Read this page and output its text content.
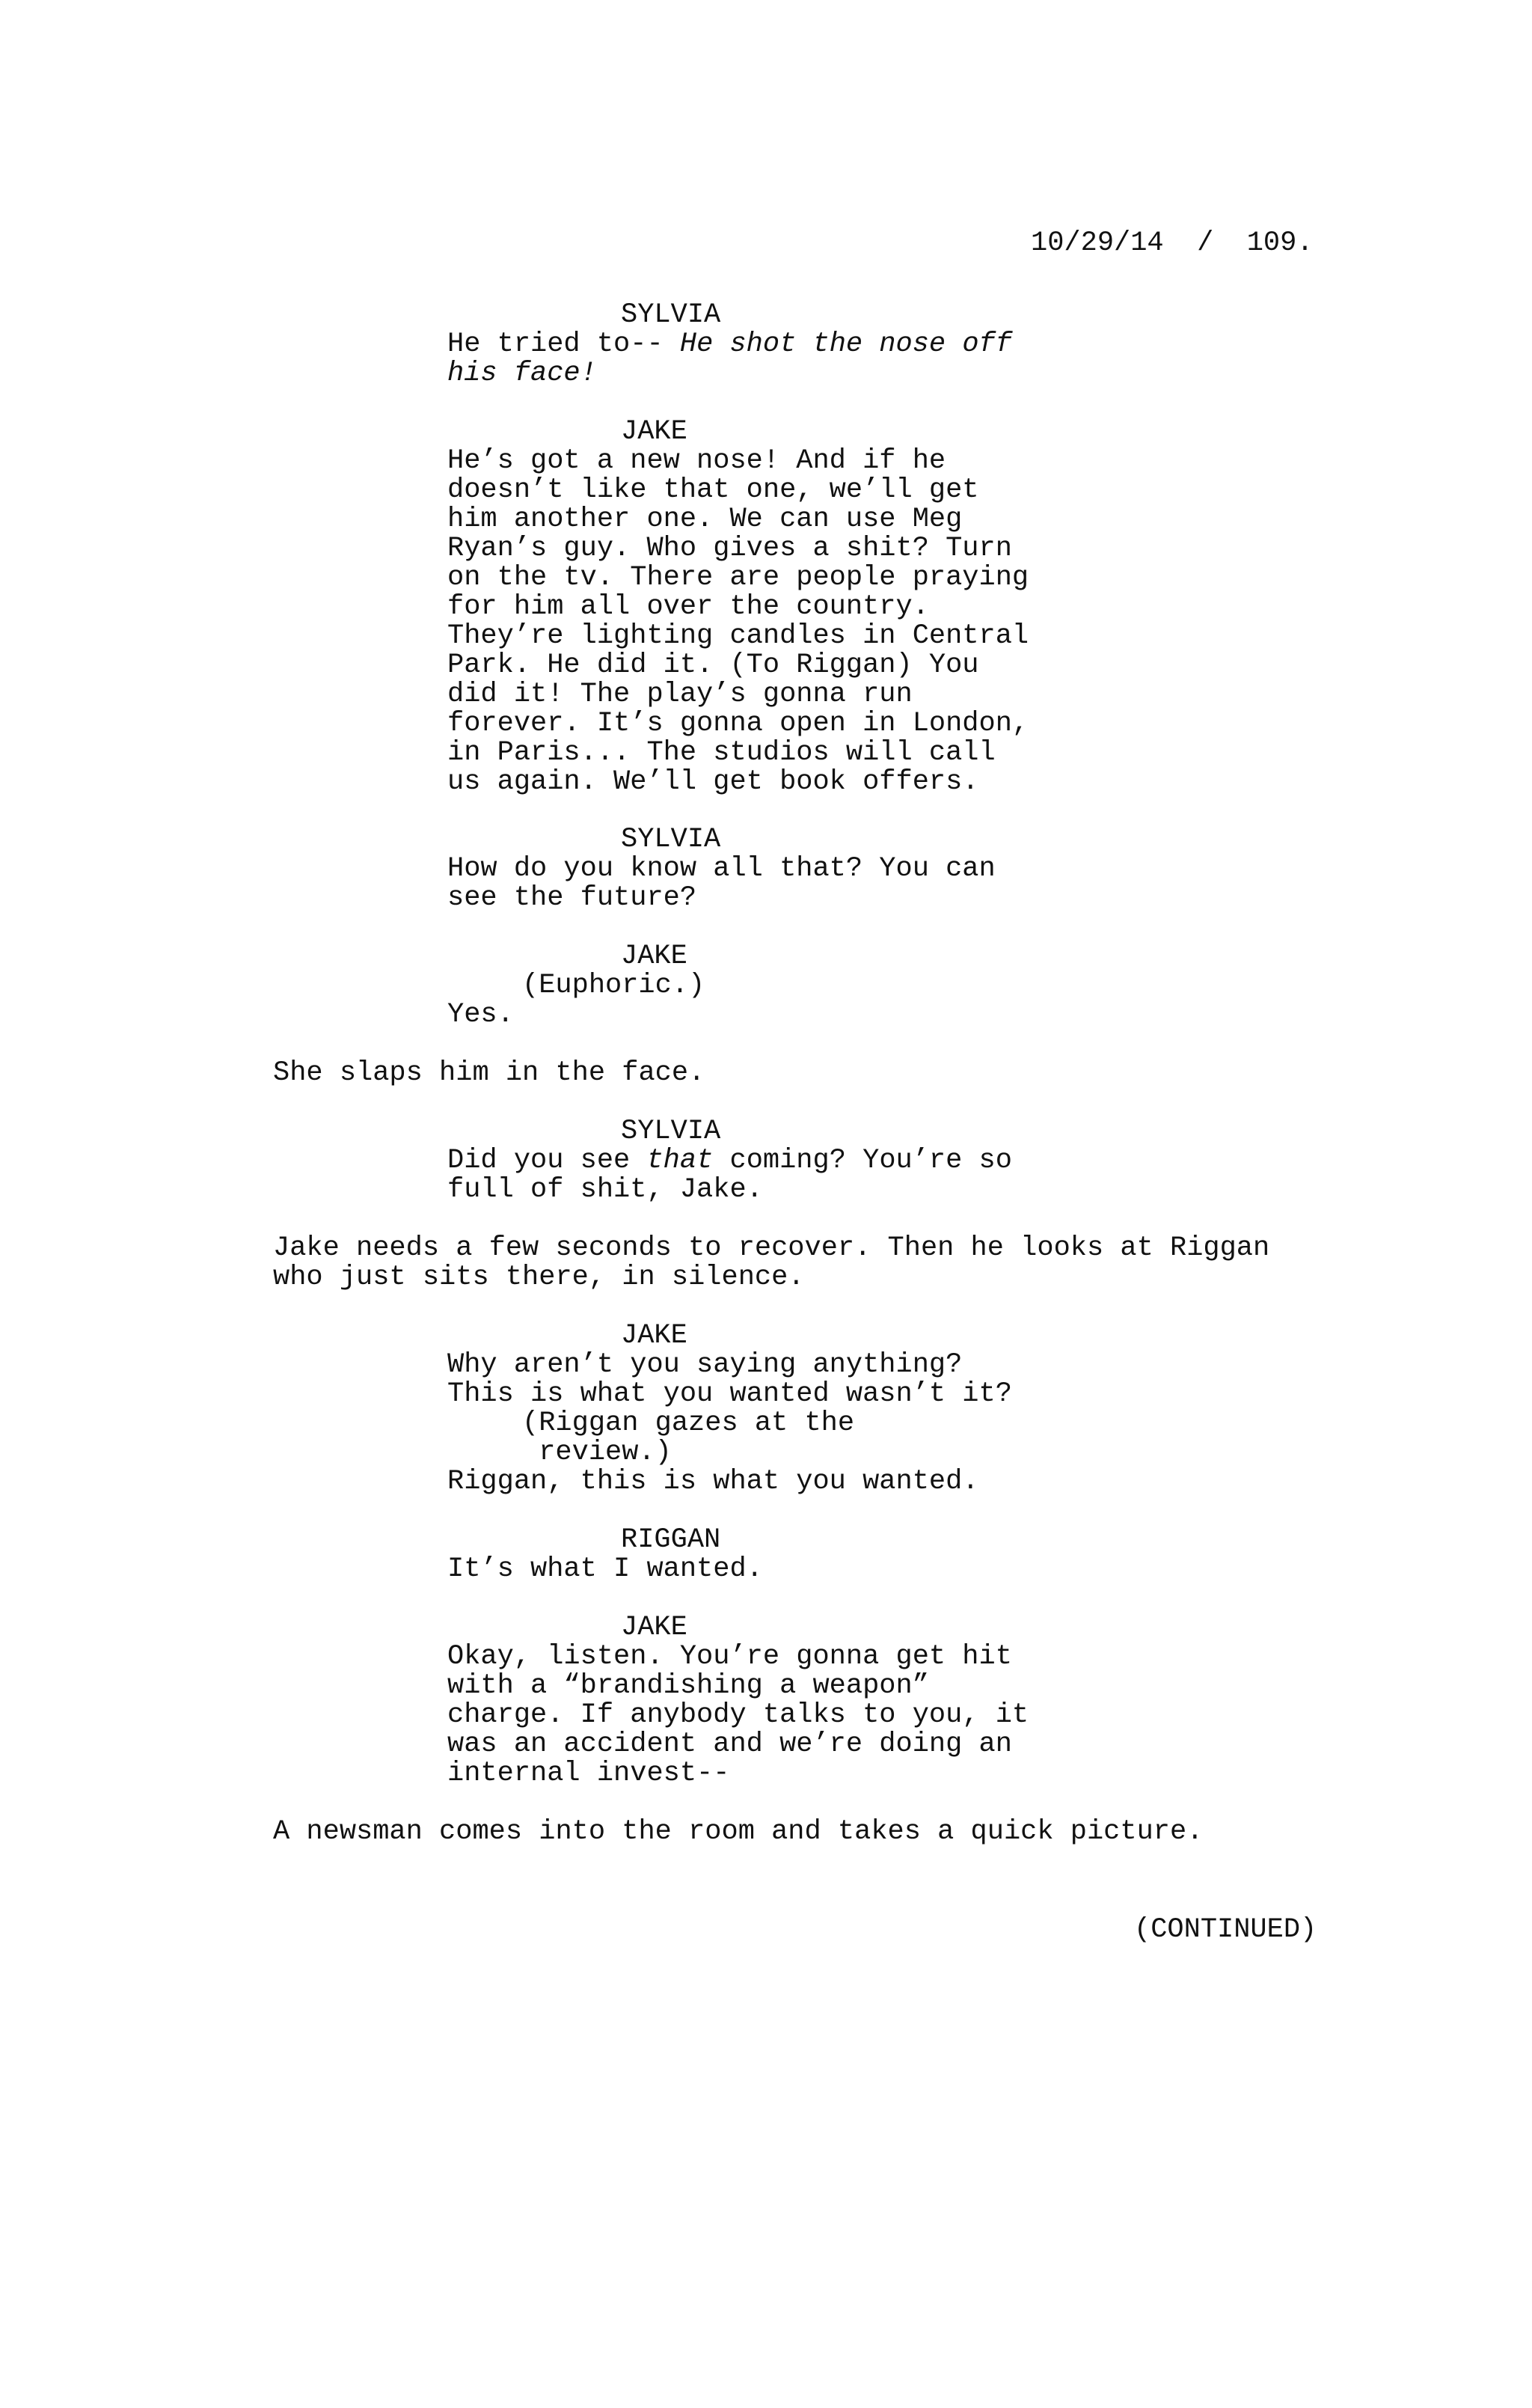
10/29/14 / 109.
SYLVIA
He tried to-- He shot the nose off
his face!
JAKE
He’s got a new nose! And if he
doesn’t like that one, we’ll get
him another one. We can use Meg
Ryan’s guy. Who gives a shit? Turn
on the tv. There are people praying
for him all over the country.
They’re lighting candles in Central
Park. He did it. (To Riggan) You
did it! The play’s gonna run
forever. It’s gonna open in London,
in Paris... The studios will call
us again. We’ll get book offers.
SYLVIA
How do you know all that? You can
see the future?
JAKE
(Euphoric.)
Yes.
She slaps him in the face.
SYLVIA
Did you see that coming? You’re so
full of shit, Jake.
Jake needs a few seconds to recover. Then he looks at Riggan
who just sits there, in silence.
JAKE
Why aren’t you saying anything?
This is what you wanted wasn’t it?
(Riggan gazes at the
review.)
Riggan, this is what you wanted.
RIGGAN
It’s what I wanted.
JAKE
Okay, listen. You’re gonna get hit
with a “brandishing a weapon”
charge. If anybody talks to you, it
was an accident and we’re doing an
internal invest--
A newsman comes into the room and takes a quick picture.
(CONTINUED)
